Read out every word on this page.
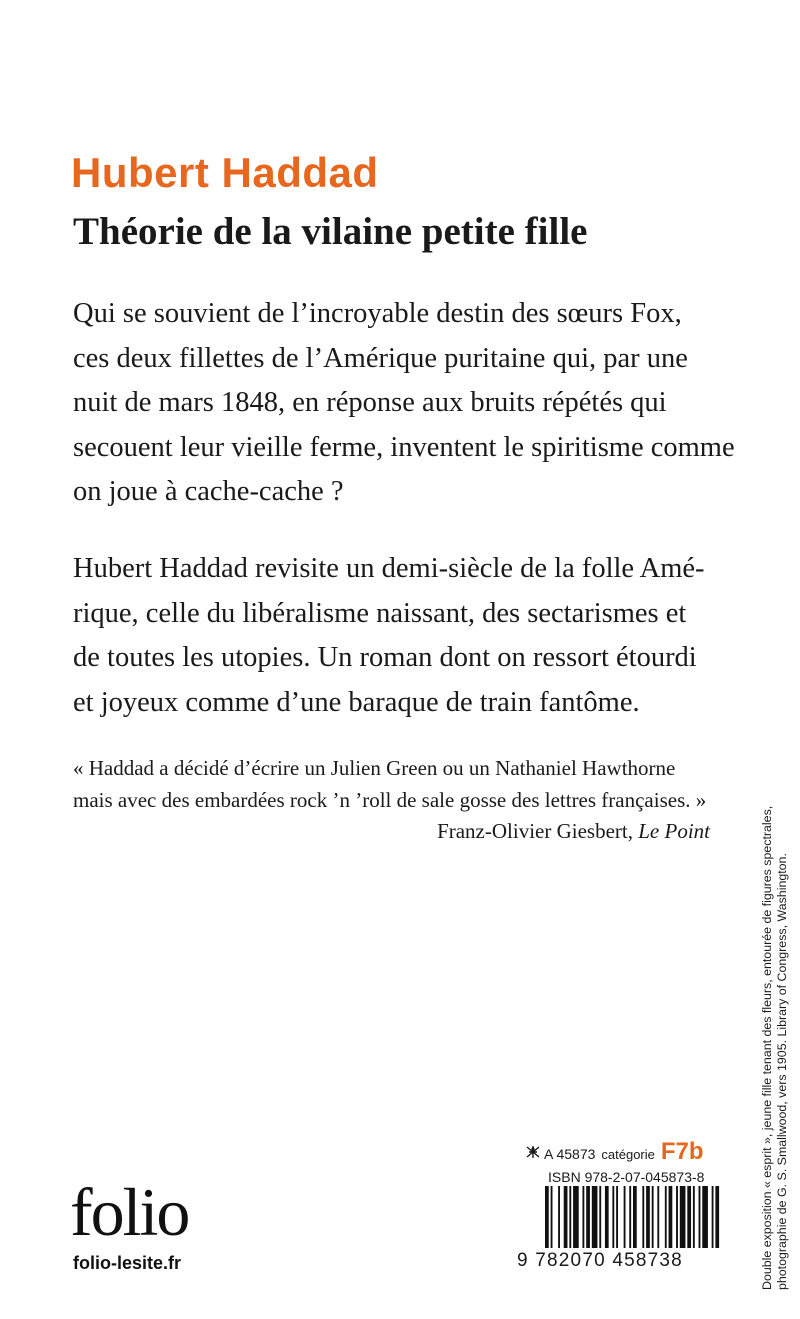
Hubert Haddad
Théorie de la vilaine petite fille

Qui se souvient de l’incroyable destin des sœurs Fox,
ces deux fillettes de l’Amérique puritaine qui, par une
nuit de mars 1848, en réponse aux bruits répétés qui
secouent leur vieille ferme, inventent le spiritisme comme
on joue à cache-cache ?

Hubert Haddad revisite un demi-siècle de la folle Amé-
rique, celle du libéralisme naissant, des sectarismes et
de toutes les utopies. Un roman dont on ressort étourdi
et joyeux comme d’une baraque de train fantôme.

« Haddad a décidé d’écrire un Julien Green ou un Nathaniel Hawthorne
mais avec des embardées rock ’n ’roll de sale gosse des lettres françaises. »

Franz-Olivier Giesbert, Le Point	Double exposition « esprit », jeune fille tenant des fleurs, entourée de figures spectrales, photographie de G. S. Smallwood, vers 1905. Library of Congress, Washington.
folio
folio-lesite.fr
A 45873 catégorie F7b
ISBN 978-2-07-045873-8
9 782070 458738
